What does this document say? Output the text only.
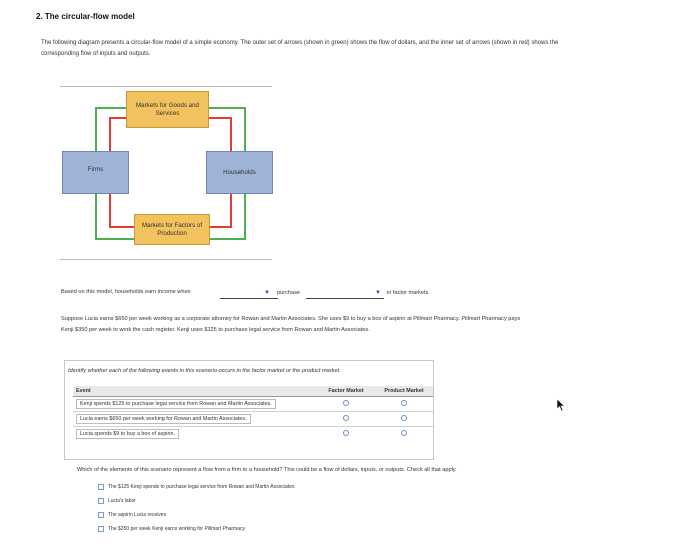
2. The circular-flow model
The following diagram presents a circular-flow model of a simple economy. The outer set of arrows (shown in green) shows the flow of dollars, and the inner set of arrows (shown in red) shows the corresponding flow of inputs and outputs.
Markets for Goods and Services
Firms	Households
Markets for Factors of Production
Based on this model, households earn income when	▼ purchase	▼ in factor markets.
Suppose Lucia earns $650 per week working as a corporate attorney for Rowan and Martin Associates. She uses $9 to buy a box of aspirin at Pillmart Pharmacy. Pillmart Pharmacy pays Kenji $350 per week to work the cash register. Kenji uses $125 to purchase legal service from Rowan and Martin Associates.
Identify whether each of the following events in this scenario occurs in the factor market or the product market.
Event	Factor Market	Product Market
Kenji spends $125 to purchase legal service from Rowan and Martin Associates.		
Lucia earns $650 per week working for Rowan and Martin Associates.		
Lucia spends $9 to buy a box of aspirin.		
Which of the elements of this scenario represent a flow from a firm to a household? This could be a flow of dollars, inputs, or outputs. Check all that apply.
The $125 Kenji spends to purchase legal service from Rowan and Martin Associates
Lucia's labor
The aspirin Lucia receives
The $350 per week Kenji earns working for Pillmart Pharmacy
